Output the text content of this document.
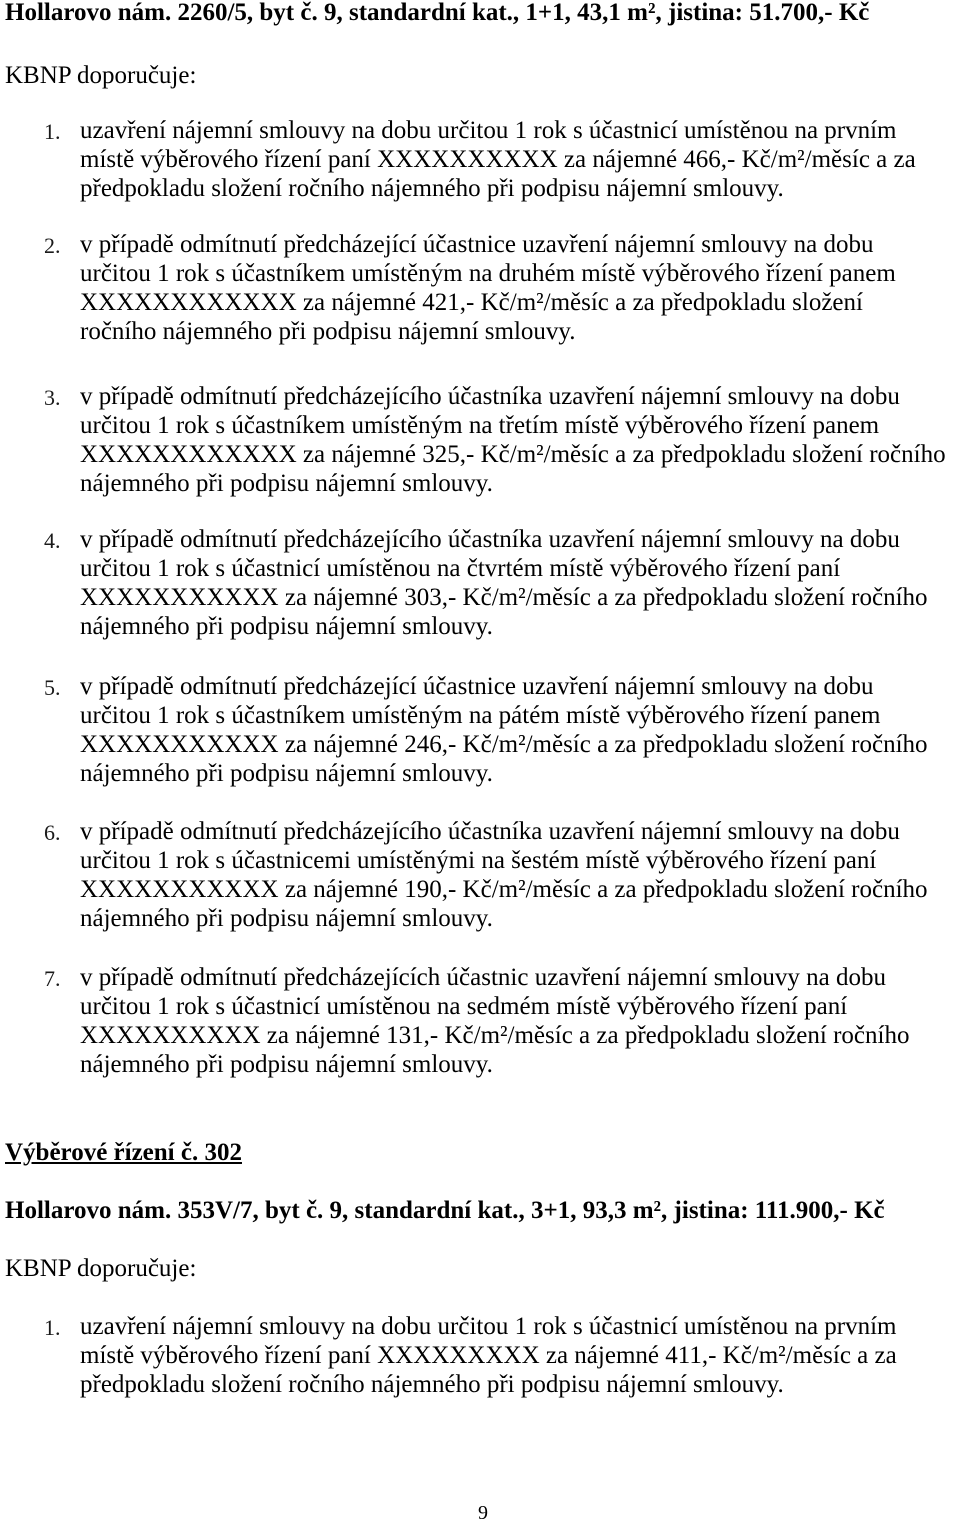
Hollarovo nám. 2260/5, byt č. 9, standardní kat., 1+1, 43,1 m², jistina: 51.700,- Kč
KBNP doporučuje:
1. uzavření nájemní smlouvy na dobu určitou 1 rok s účastnicí umístěnou na prvním
místě výběrového řízení paní XXXXXXXXXX za nájemné 466,- Kč/m²/měsíc a za
předpokladu složení ročního nájemného při podpisu nájemní smlouvy.
2. v případě odmítnutí předcházející účastnice uzavření nájemní smlouvy na dobu
určitou 1 rok s účastníkem umístěným na druhém místě výběrového řízení panem
XXXXXXXXXXXX za nájemné 421,- Kč/m²/měsíc a za předpokladu složení
ročního nájemného při podpisu nájemní smlouvy.
3. v případě odmítnutí předcházejícího účastníka uzavření nájemní smlouvy na dobu
určitou 1 rok s účastníkem umístěným na třetím místě výběrového řízení panem
XXXXXXXXXXXX za nájemné 325,- Kč/m²/měsíc a za předpokladu složení ročního
nájemného při podpisu nájemní smlouvy.
4. v případě odmítnutí předcházejícího účastníka uzavření nájemní smlouvy na dobu
určitou 1 rok s účastnicí umístěnou na čtvrtém místě výběrového řízení paní
XXXXXXXXXXX za nájemné 303,- Kč/m²/měsíc a za předpokladu složení ročního
nájemného při podpisu nájemní smlouvy.
5. v případě odmítnutí předcházející účastnice uzavření nájemní smlouvy na dobu
určitou 1 rok s účastníkem umístěným na pátém místě výběrového řízení panem
XXXXXXXXXXX za nájemné 246,- Kč/m²/měsíc a za předpokladu složení ročního
nájemného při podpisu nájemní smlouvy.
6. v případě odmítnutí předcházejícího účastníka uzavření nájemní smlouvy na dobu
určitou 1 rok s účastnicemi umístěnými na šestém místě výběrového řízení paní
XXXXXXXXXXX za nájemné 190,- Kč/m²/měsíc a za předpokladu složení ročního
nájemného při podpisu nájemní smlouvy.
7. v případě odmítnutí předcházejících účastnic uzavření nájemní smlouvy na dobu
určitou 1 rok s účastnicí umístěnou na sedmém místě výběrového řízení paní
XXXXXXXXXX za nájemné 131,- Kč/m²/měsíc a za předpokladu složení ročního
nájemného při podpisu nájemní smlouvy.
Výběrové řízení č. 302
Hollarovo nám. 353V/7, byt č. 9, standardní kat., 3+1, 93,3 m², jistina: 111.900,- Kč
KBNP doporučuje:
1. uzavření nájemní smlouvy na dobu určitou 1 rok s účastnicí umístěnou na prvním
místě výběrového řízení paní XXXXXXXXX za nájemné 411,- Kč/m²/měsíc a za
předpokladu složení ročního nájemného při podpisu nájemní smlouvy.
9
